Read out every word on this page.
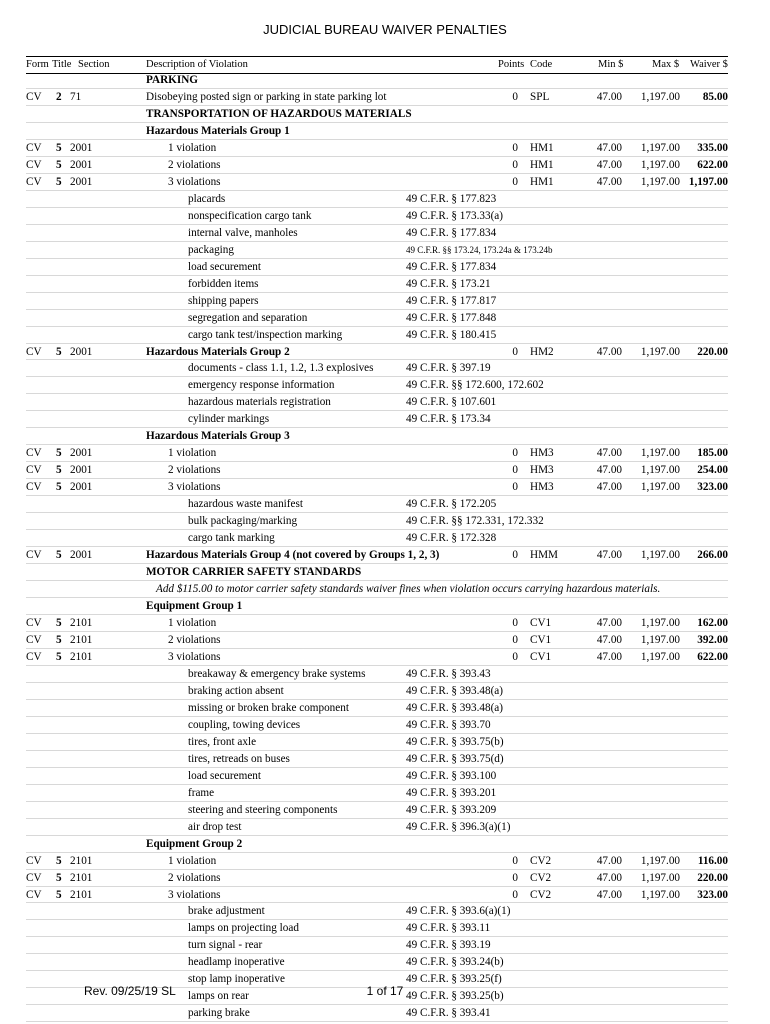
JUDICIAL BUREAU WAIVER PENALTIES
Form Title Section	Description of Violation	Points Code	Min $	Max $ Waiver $
PARKING
CV 2 71	Disobeying posted sign or parking in state parking lot	0 SPL	47.00	1,197.00	85.00
TRANSPORTATION OF HAZARDOUS MATERIALS
Hazardous Materials Group 1
CV 5 2001	1 violation	0 HM1	47.00	1,197.00	335.00
CV 5 2001	2 violations	0 HM1	47.00	1,197.00	622.00
CV 5 2001	3 violations	0 HM1	47.00	1,197.00 1,197.00
placards	49 C.F.R. § 177.823
nonspecification cargo tank	49 C.F.R. § 173.33(a)
internal valve, manholes	49 C.F.R. § 177.834
packaging	49 C.F.R. §§ 173.24, 173.24a & 173.24b
load securement	49 C.F.R. § 177.834
forbidden items	49 C.F.R. § 173.21
shipping papers	49 C.F.R. § 177.817
segregation and separation	49 C.F.R. § 177.848
cargo tank test/inspection marking	49 C.F.R. § 180.415
CV 5 2001	Hazardous Materials Group 2	0 HM2	47.00	1,197.00	220.00
documents - class 1.1, 1.2, 1.3 explosives	49 C.F.R. § 397.19
emergency response information	49 C.F.R. §§ 172.600, 172.602
hazardous materials registration	49 C.F.R. § 107.601
cylinder markings	49 C.F.R. § 173.34
Hazardous Materials Group 3
CV 5 2001	1 violation	0 HM3	47.00	1,197.00	185.00
CV 5 2001	2 violations	0 HM3	47.00	1,197.00	254.00
CV 5 2001	3 violations	0 HM3	47.00	1,197.00	323.00
hazardous waste manifest	49 C.F.R. § 172.205
bulk packaging/marking	49 C.F.R. §§ 172.331, 172.332
cargo tank marking	49 C.F.R. § 172.328
CV 5 2001	Hazardous Materials Group 4 (not covered by Groups 1, 2, 3)	0 HMM	47.00	1,197.00	266.00
MOTOR CARRIER SAFETY STANDARDS
Add $115.00 to motor carrier safety standards waiver fines when violation occurs carrying hazardous materials.
Equipment Group 1
CV 5 2101	1 violation	0 CV1	47.00	1,197.00	162.00
CV 5 2101	2 violations	0 CV1	47.00	1,197.00	392.00
CV 5 2101	3 violations	0 CV1	47.00	1,197.00	622.00
breakaway & emergency brake systems	49 C.F.R. § 393.43
braking action absent	49 C.F.R. § 393.48(a)
missing or broken brake component	49 C.F.R. § 393.48(a)
coupling, towing devices	49 C.F.R. § 393.70
tires, front axle	49 C.F.R. § 393.75(b)
tires, retreads on buses	49 C.F.R. § 393.75(d)
load securement	49 C.F.R. § 393.100
frame	49 C.F.R. § 393.201
steering and steering components	49 C.F.R. § 393.209
air drop test	49 C.F.R. § 396.3(a)(1)
Equipment Group 2
CV 5 2101	1 violation	0 CV2	47.00	1,197.00	116.00
CV 5 2101	2 violations	0 CV2	47.00	1,197.00	220.00
CV 5 2101	3 violations	0 CV2	47.00	1,197.00	323.00
brake adjustment	49 C.F.R. § 393.6(a)(1)
lamps on projecting load	49 C.F.R. § 393.11
turn signal - rear	49 C.F.R. § 393.19
headlamp inoperative	49 C.F.R. § 393.24(b)
stop lamp inoperative	49 C.F.R. § 393.25(f)
lamps on rear	49 C.F.R. § 393.25(b)
parking brake	49 C.F.R. § 393.41
Rev. 09/25/19 SL	1 of 17
